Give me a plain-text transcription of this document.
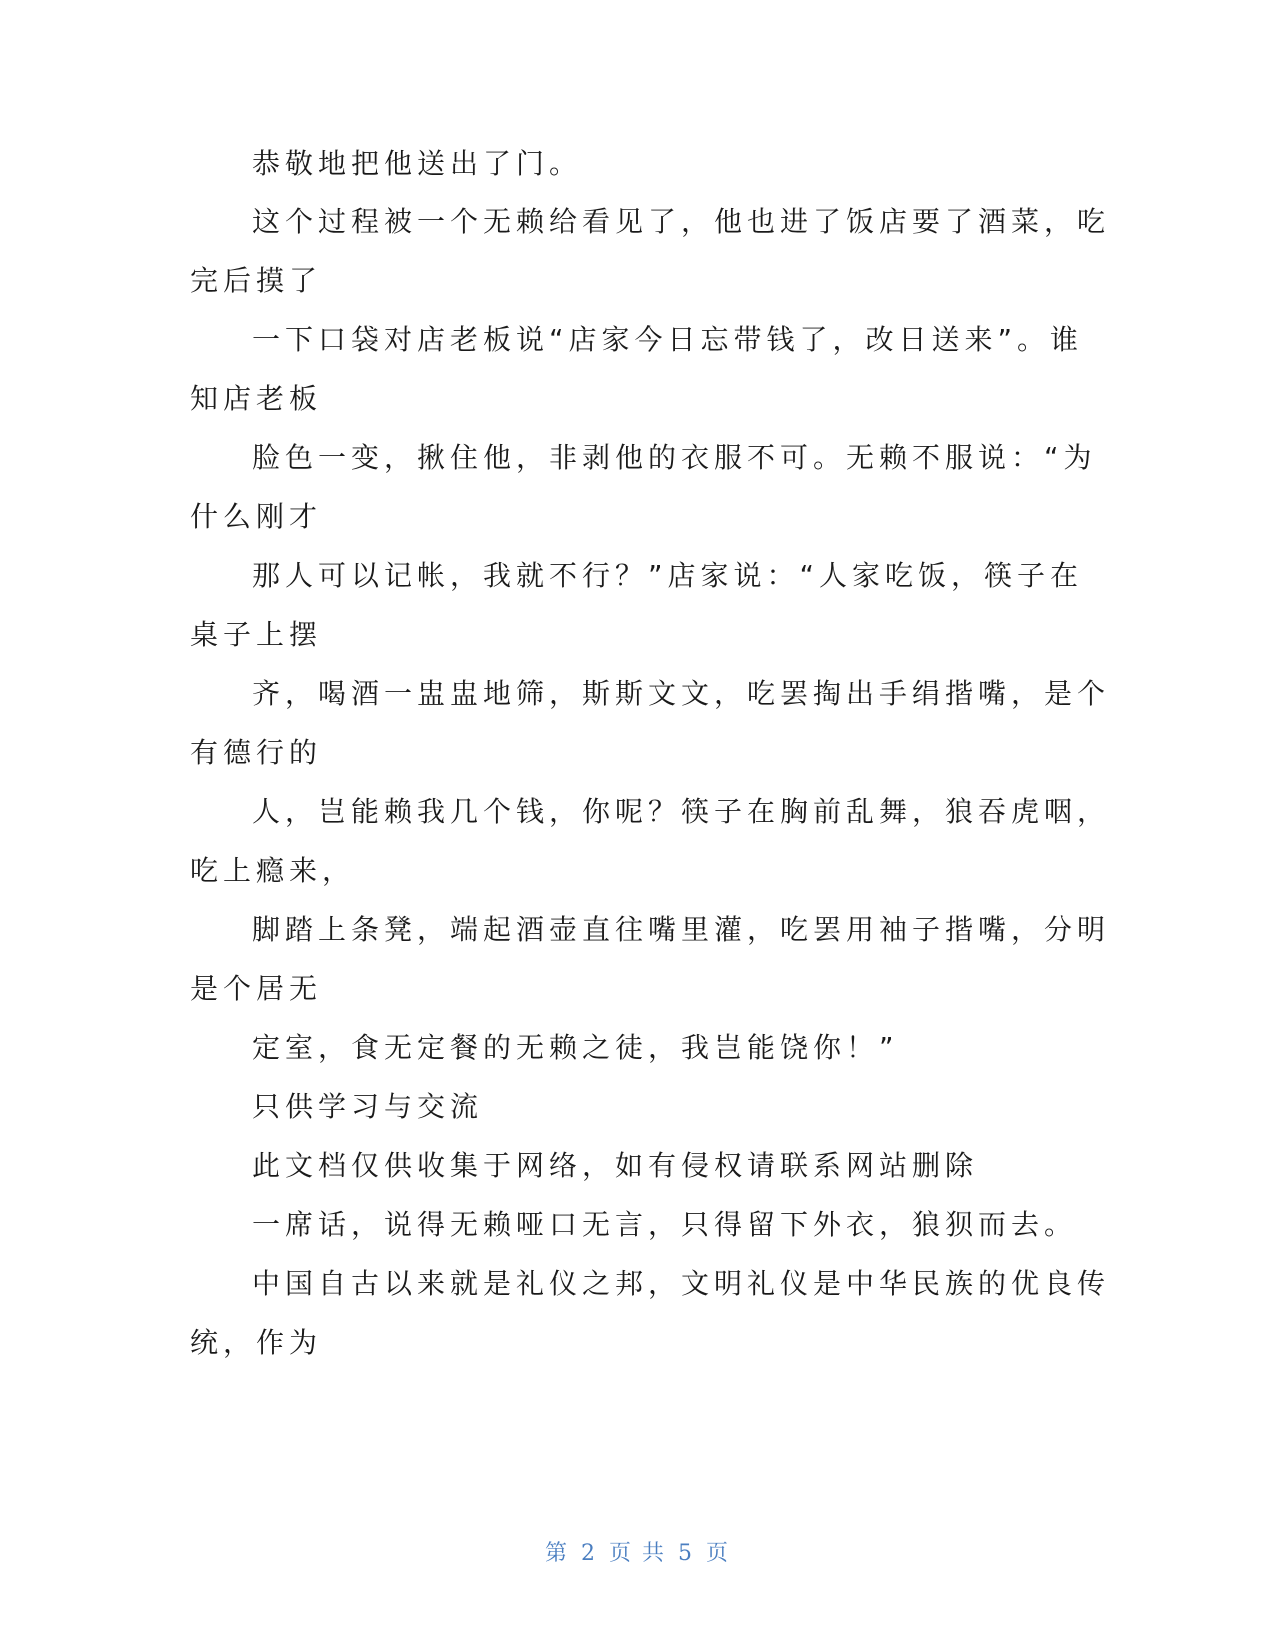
恭敬地把他送出了门。

这个过程被一个无赖给看见了，他也进了饭店要了酒菜，吃

完后摸了

一下口袋对店老板说“店家今日忘带钱了，改日送来”。谁

知店老板

脸色一变，揪住他，非剥他的衣服不可。无赖不服说：“为

什么刚才

那人可以记帐，我就不行？”店家说：“人家吃饭，筷子在

桌子上摆

齐，喝酒一盅盅地筛，斯斯文文，吃罢掏出手绢揩嘴，是个

有德行的

人，岂能赖我几个钱，你呢？筷子在胸前乱舞，狼吞虎咽，

吃上瘾来，

脚踏上条凳，端起酒壶直往嘴里灌，吃罢用袖子揩嘴，分明

是个居无

定室，食无定餐的无赖之徒，我岂能饶你！”

只供学习与交流

此文档仅供收集于网络，如有侵权请联系网站删除

一席话，说得无赖哑口无言，只得留下外衣，狼狈而去。

中国自古以来就是礼仪之邦，文明礼仪是中华民族的优良传

统，作为

第 2 页 共 5 页
